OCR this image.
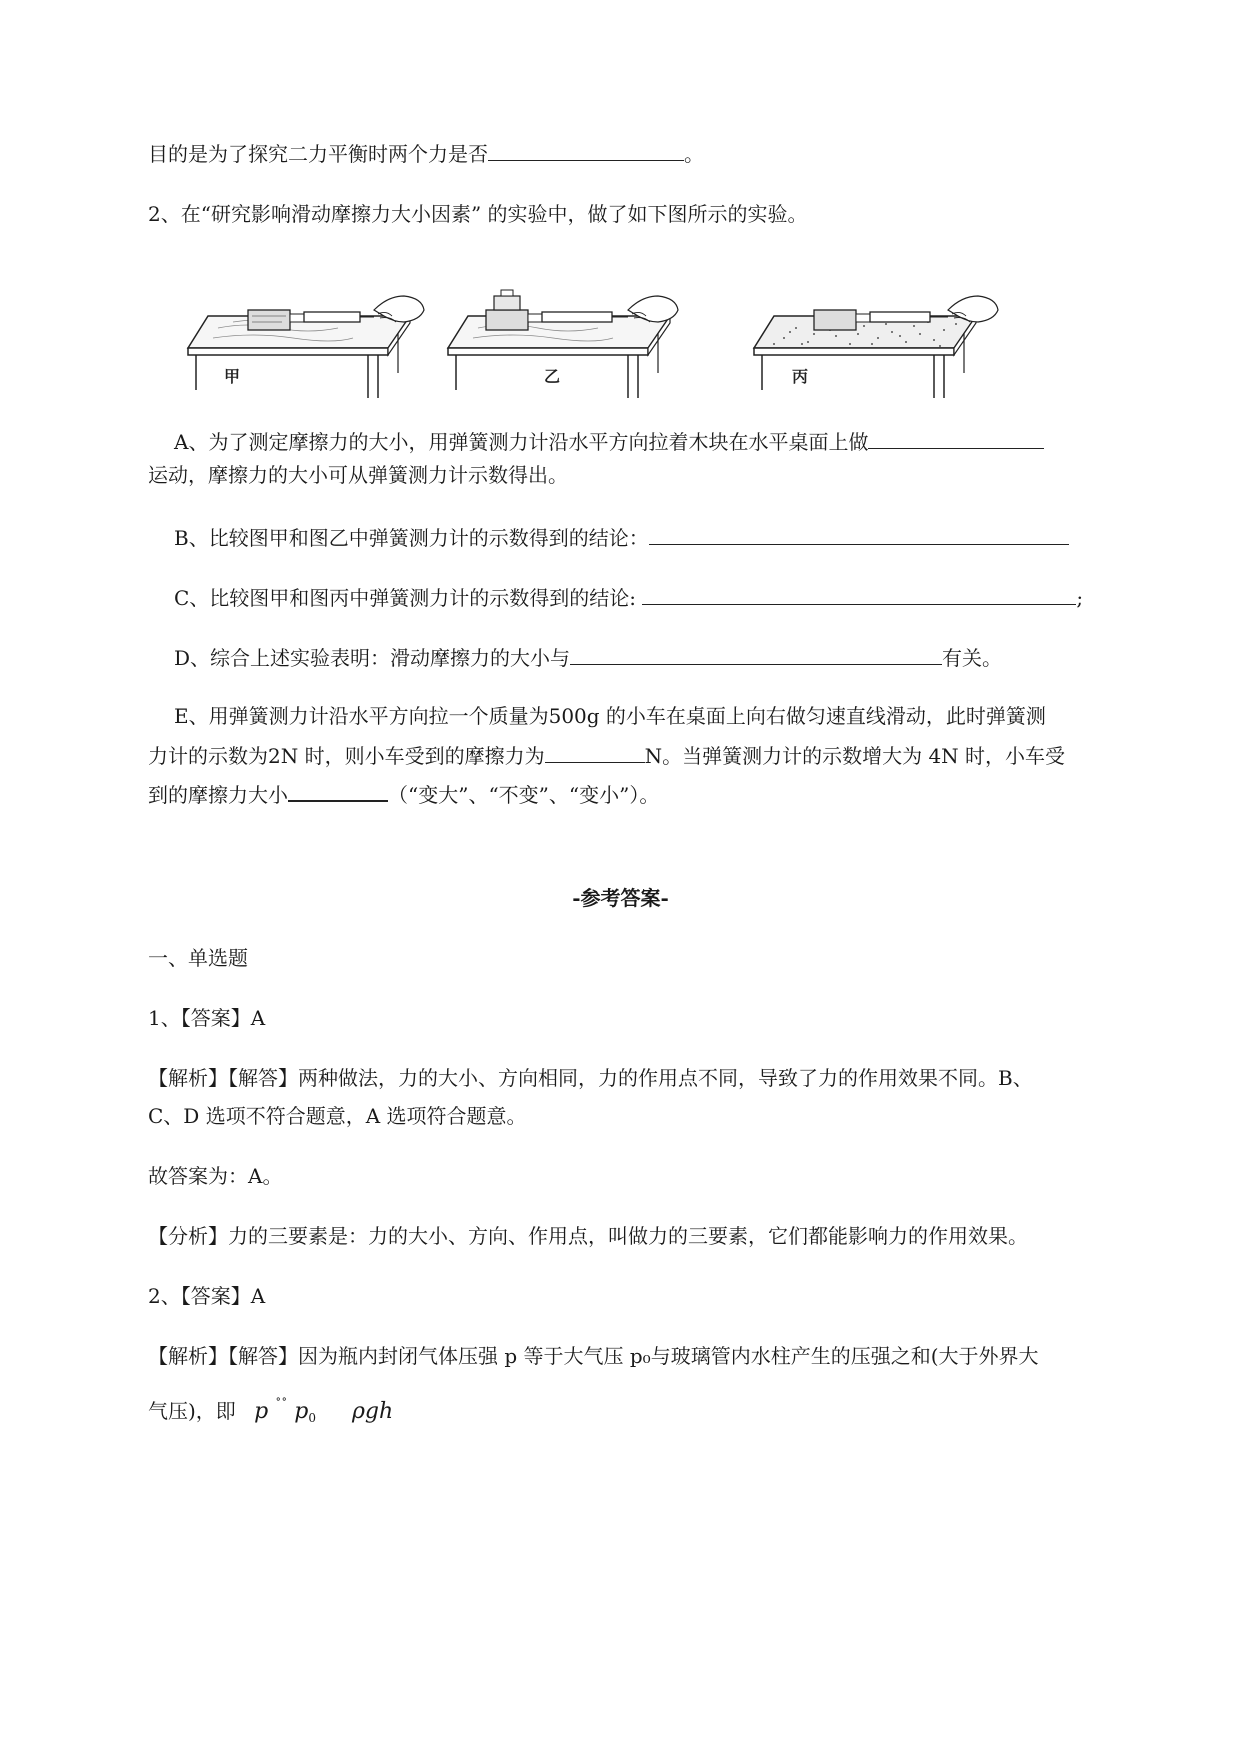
目的是为了探究二力平衡时两个力是否	。
2、在“研究影响滑动摩擦力大小因素” 的实验中，做了如下图所示的实验。
甲	乙	丙
A、为了测定摩擦力的大小，用弹簧测力计沿水平方向拉着木块在水平桌面上做
运动，摩擦力的大小可从弹簧测力计示数得出。
B、比较图甲和图乙中弹簧测力计的示数得到的结论：
C、比较图甲和图丙中弹簧测力计的示数得到的结论:	;
D、综合上述实验表明：滑动摩擦力的大小与	有关。
E、用弹簧测力计沿水平方向拉一个质量为500g 的小车在桌面上向右做匀速直线滑动，此时弹簧测
力计的示数为2N 时，则小车受到的摩擦力为	N。当弹簧测力计的示数增大为 4N 时，小车受
到的摩擦力大小	（“变大”、“不变”、“变小”）。
-参考答案-
一、单选题
1、【答案】A
【解析】【解答】两种做法，力的大小、方向相同，力的作用点不同，导致了力的作用效果不同。B、
C、D 选项不符合题意，A 选项符合题意。
故答案为：A。
【分析】力的三要素是：力的大小、方向、作用点，叫做力的三要素，它们都能影响力的作用效果。
2、【答案】A
【解析】【解答】因为瓶内封闭气体压强 p 等于大气压 p₀与玻璃管内水柱产生的压强之和(大于外界大
气压)，即 p ˚˚ $p_0$ ρgh
